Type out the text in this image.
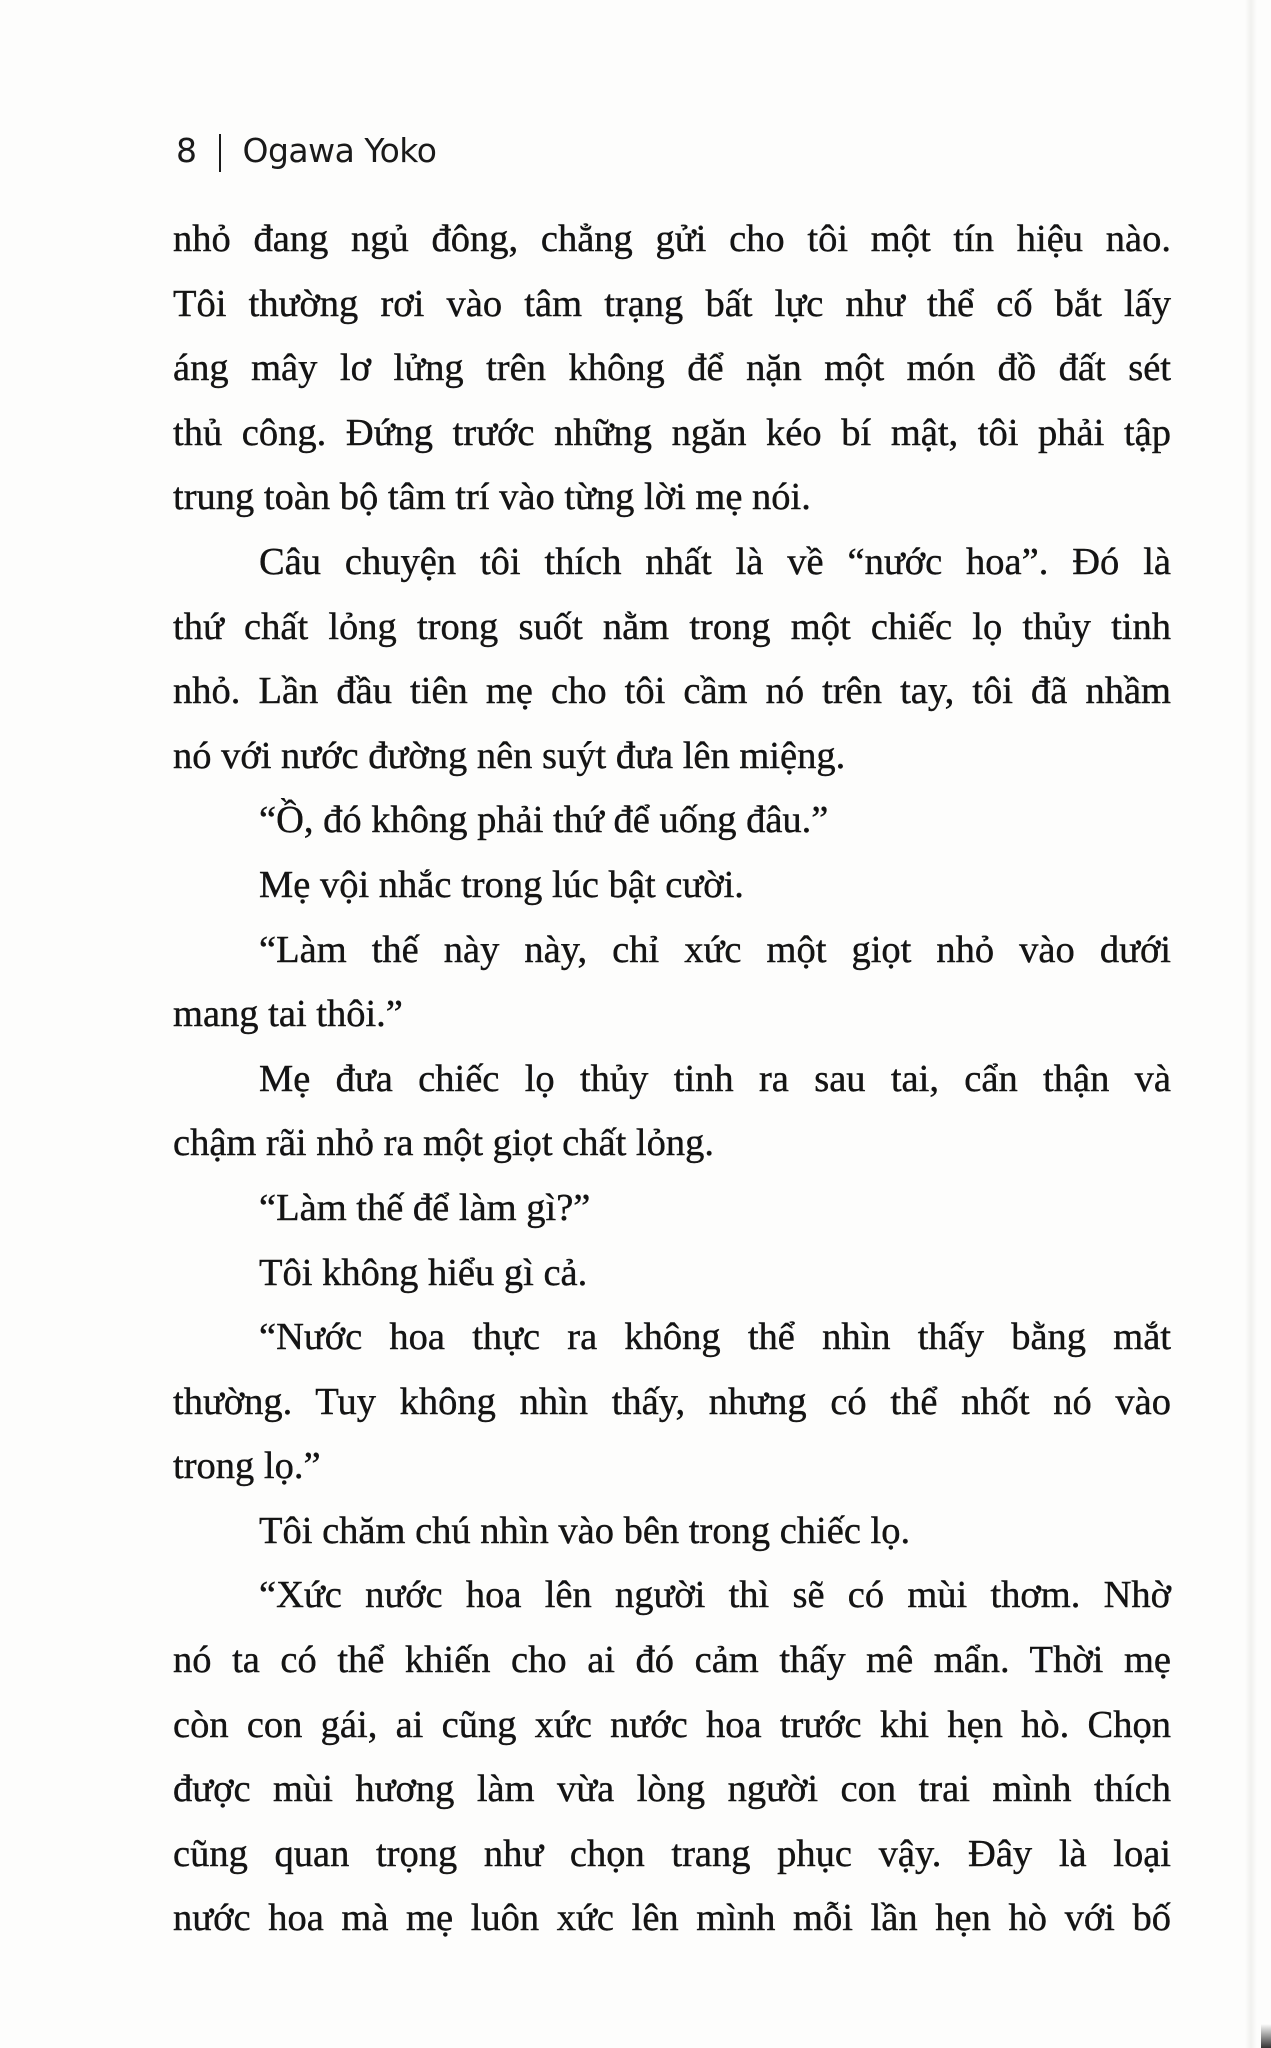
8 Ogawa Yoko
nhỏ đang ngủ đông, chẳng gửi cho tôi một tín hiệu nào.
Tôi thường rơi vào tâm trạng bất lực như thể cố bắt lấy
áng mây lơ lửng trên không để nặn một món đồ đất sét
thủ công. Đứng trước những ngăn kéo bí mật, tôi phải tập
trung toàn bộ tâm trí vào từng lời mẹ nói.
Câu chuyện tôi thích nhất là về “nước hoa”. Đó là
thứ chất lỏng trong suốt nằm trong một chiếc lọ thủy tinh
nhỏ. Lần đầu tiên mẹ cho tôi cầm nó trên tay, tôi đã nhầm
nó với nước đường nên suýt đưa lên miệng.
“Ồ, đó không phải thứ để uống đâu.”
Mẹ vội nhắc trong lúc bật cười.
“Làm thế này này, chỉ xức một giọt nhỏ vào dưới
mang tai thôi.”
Mẹ đưa chiếc lọ thủy tinh ra sau tai, cẩn thận và
chậm rãi nhỏ ra một giọt chất lỏng.
“Làm thế để làm gì?”
Tôi không hiểu gì cả.
“Nước hoa thực ra không thể nhìn thấy bằng mắt
thường. Tuy không nhìn thấy, nhưng có thể nhốt nó vào
trong lọ.”
Tôi chăm chú nhìn vào bên trong chiếc lọ.
“Xức nước hoa lên người thì sẽ có mùi thơm. Nhờ
nó ta có thể khiến cho ai đó cảm thấy mê mẩn. Thời mẹ
còn con gái, ai cũng xức nước hoa trước khi hẹn hò. Chọn
được mùi hương làm vừa lòng người con trai mình thích
cũng quan trọng như chọn trang phục vậy. Đây là loại
nước hoa mà mẹ luôn xức lên mình mỗi lần hẹn hò với bố
